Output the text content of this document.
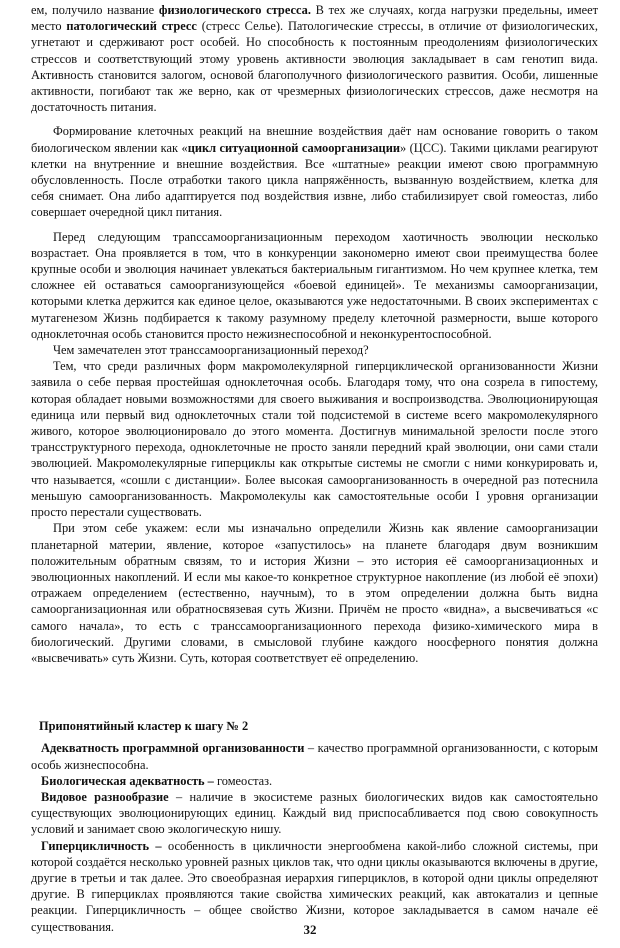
ем, получило название физиологического стресса. В тех же случаях, когда нагрузки предельны, имеет место патологический стресс (стресс Селье). Патологические стрессы, в отличие от физиологических, угнетают и сдерживают рост особей. Но способность к постоянным преодолениям физиологических стрессов и соответствующий этому уровень активности эволюция закладывает в сам генотип вида. Активность становится залогом, основой благополучного физиологического развития. Особи, лишенные активности, погибают так же верно, как от чрезмерных физиологических стрессов, даже несмотря на достаточность питания.

Формирование клеточных реакций на внешние воздействия даёт нам основание говорить о таком биологическом явлении как «цикл ситуационной самоорганизации» (ЦСС). Такими циклами реагируют клетки на внутренние и внешние воздействия. Все «штатные» реакции имеют свою программную обусловленность. После отработки такого цикла напряжённость, вызванную воздействием, клетка для себя снимает. Она либо адаптируется под воздействия извне, либо стабилизирует свой гомеостаз, либо совершает очередной цикл питания.

Перед следующим трanссамоорганизационным переходом хаотичность эволюции несколько возрастает. Она проявляется в том, что в конкуренции закономерно имеют свои преимущества более крупные особи и эволюция начинает увлекаться бактериальным гигантизмом. Но чем крупнее клетка, тем сложнее ей оставаться самоорганизующейся «боевой единицей». Те механизмы самоорганизации, которыми клетка держится как единое целое, оказываются уже недостаточными. В своих экспериментах с мутагенезом Жизнь подбирается к такому разумному пределу клеточной размерности, выше которого одноклеточная особь становится просто нежизнеспособной и неконкурентоспособной.

Чем замечателен этот трансcамоорганизационный переход?

Тем, что среди различных форм макромолекулярной гиперциклической организованности Жизни заявила о себе первая простейшая одноклеточная особь. Благодаря тому, что она созрела в гипостему, которая обладает новыми возможностями для своего выживания и воспроизводства. Эволюционирующая единица или первый вид одноклеточных стали той подсистемой в системе всего макромолекулярного живого, которое эволюционировало до этого момента. Достигнув минимальной зрелости после этого трансструктурного перехода, одноклеточные не просто заняли передний край эволюции, они сами стали эволюцией. Макромолекулярные гиперциклы как открытые системы не смогли с ними конкурировать и, что называется, «сошли с дистанции». Более высокая самоорганизованность в очередной раз потеснила меньшую самоорганизованность. Макромолекулы как самостоятельные особи I уровня организации просто перестали существовать.

При этом себе укажем: если мы изначально определили Жизнь как явление самоорганизации планетарной материи, явление, которое «запустилось» на планете благодаря двум возникшим положительным обратным связям, то и история Жизни – это история её самоорганизационных и эволюционных накоплений. И если мы какое-то конкретное структурное накопление (из любой её эпохи) отражаем определением (естественно, научным), то в этом определении должна быть видна самоорганизационная или обратносвязевая суть Жизни. Причём не просто «видна», а высвечиваться «с самого начала», то есть с трансcамоорганизационного перехода физико-химического мира в биологический. Другими словами, в смысловой глубине каждого ноосферного понятия должна «высвечивать» суть Жизни. Суть, которая соответствует её определению.

Припонятийный кластер к шагу № 2

Адекватность программной организованности – качество программной организованности, с которым особь жизнеспособна.

Биологическая адекватность – гомеостаз.

Видовое разнообразие – наличие в экосистеме разных биологических видов как самостоятельно существующих эволюционирующих единиц. Каждый вид приспосабливается под свою совокупность условий и занимает свою экологическую нишу.

Гиперцикличность – особенность в цикличности энергообмена какой-либо сложной системы, при которой создаётся несколько уровней разных циклов так, что одни циклы оказываются включены в другие, другие в третьи и так далее. Это своеобразная иерархия гиперциклов, в которой одни циклы определяют другие. В гиперциклах проявляются такие свойства химических реакций, как автокатализ и цепные реакции. Гиперцикличность – общее свойство Жизни, которое закладывается в самом начале её существования.	32
